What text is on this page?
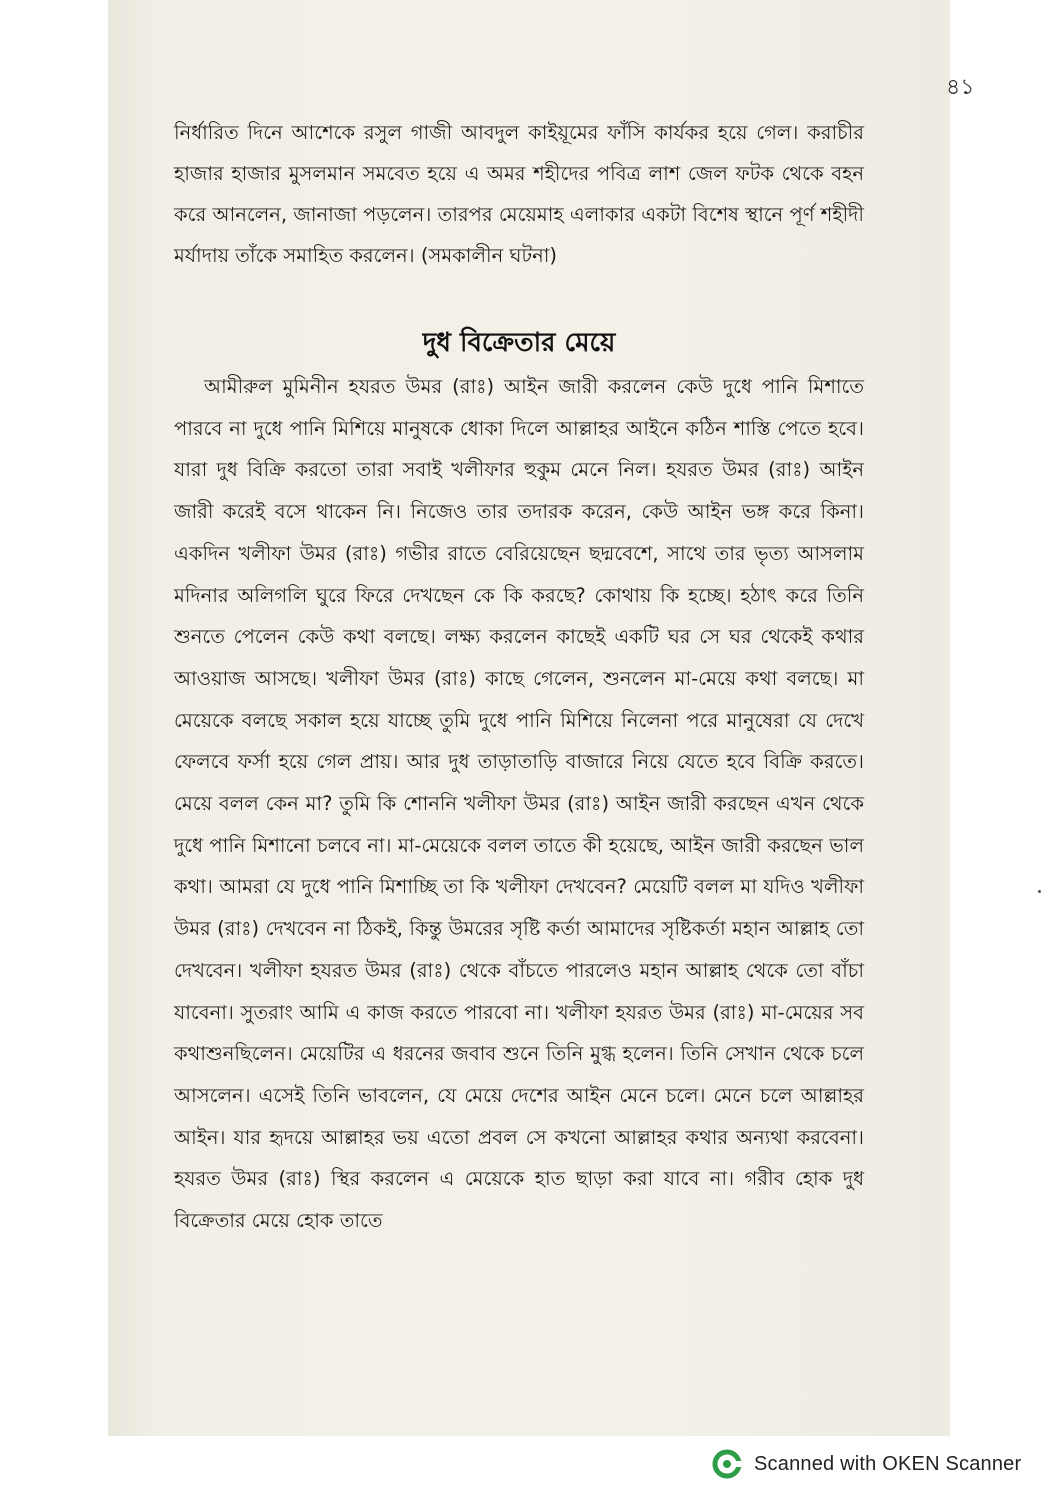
৪১

নির্ধারিত দিনে আশেকে রসুল গাজী আবদুল কাইয়ূমের ফাঁসি কার্যকর হয়ে গেল। করাচীর হাজার হাজার মুসলমান সমবেত হয়ে এ অমর শহীদের পবিত্র লাশ জেল ফটক থেকে বহন করে আনলেন, জানাজা পড়লেন। তারপর মেয়েমাহ এলাকার একটা বিশেষ স্থানে পূর্ণ শহীদী মর্যাদায় তাঁকে সমাহিত করলেন। (সমকালীন ঘটনা)

দুধ বিক্রেতার মেয়ে

আমীরুল মুমিনীন হযরত উমর (রাঃ) আইন জারী করলেন কেউ দুধে পানি মিশাতে পারবে না দুধে পানি মিশিয়ে মানুষকে ধোকা দিলে আল্লাহর আইনে কঠিন শাস্তি পেতে হবে। যারা দুধ বিক্রি করতো তারা সবাই খলীফার হুকুম মেনে নিল। হযরত উমর (রাঃ) আইন জারী করেই বসে থাকেন নি। নিজেও তার তদারক করেন, কেউ আইন ভঙ্গ করে কিনা। একদিন খলীফা উমর (রাঃ) গভীর রাতে বেরিয়েছেন ছদ্মবেশে, সাথে তার ভৃত্য আসলাম মদিনার অলিগলি ঘুরে ফিরে দেখছেন কে কি করছে? কোথায় কি হচ্ছে। হঠাৎ করে তিনি শুনতে পেলেন কেউ কথা বলছে। লক্ষ্য করলেন কাছেই একটি ঘর সে ঘর থেকেই কথার আওয়াজ আসছে। খলীফা উমর (রাঃ) কাছে গেলেন, শুনলেন মা-মেয়ে কথা বলছে। মা মেয়েকে বলছে সকাল হয়ে যাচ্ছে তুমি দুধে পানি মিশিয়ে নিলেনা পরে মানুষেরা যে দেখে ফেলবে ফর্সা হয়ে গেল প্রায়। আর দুধ তাড়াতাড়ি বাজারে নিয়ে যেতে হবে বিক্রি করতে। মেয়ে বলল কেন মা? তুমি কি শোননি খলীফা উমর (রাঃ) আইন জারী করছেন এখন থেকে দুধে পানি মিশানো চলবে না। মা-মেয়েকে বলল তাতে কী হয়েছে, আইন জারী করছেন ভাল কথা। আমরা যে দুধে পানি মিশাচ্ছি তা কি খলীফা দেখবেন? মেয়েটি বলল মা যদিও খলীফা উমর (রাঃ) দেখবেন না ঠিকই, কিন্তু উমরের সৃষ্টি কর্তা আমাদের সৃষ্টিকর্তা মহান আল্লাহ তো দেখবেন। খলীফা হযরত উমর (রাঃ) থেকে বাঁচতে পারলেও মহান আল্লাহ থেকে তো বাঁচা যাবেনা। সুতরাং আমি এ কাজ করতে পারবো না। খলীফা হযরত উমর (রাঃ) মা-মেয়ের সব কথাশুনছিলেন। মেয়েটির এ ধরনের জবাব শুনে তিনি মুগ্ধ হলেন। তিনি সেখান থেকে চলে আসলেন। এসেই তিনি ভাবলেন, যে মেয়ে দেশের আইন মেনে চলে। মেনে চলে আল্লাহর আইন। যার হৃদয়ে আল্লাহর ভয় এতো প্রবল সে কখনো আল্লাহর কথার অন্যথা করবেনা। হযরত উমর (রাঃ) স্থির করলেন এ মেয়েকে হাত ছাড়া করা যাবে না। গরীব হোক দুধ বিক্রেতার মেয়ে হোক তাতে

Scanned with OKEN Scanner
